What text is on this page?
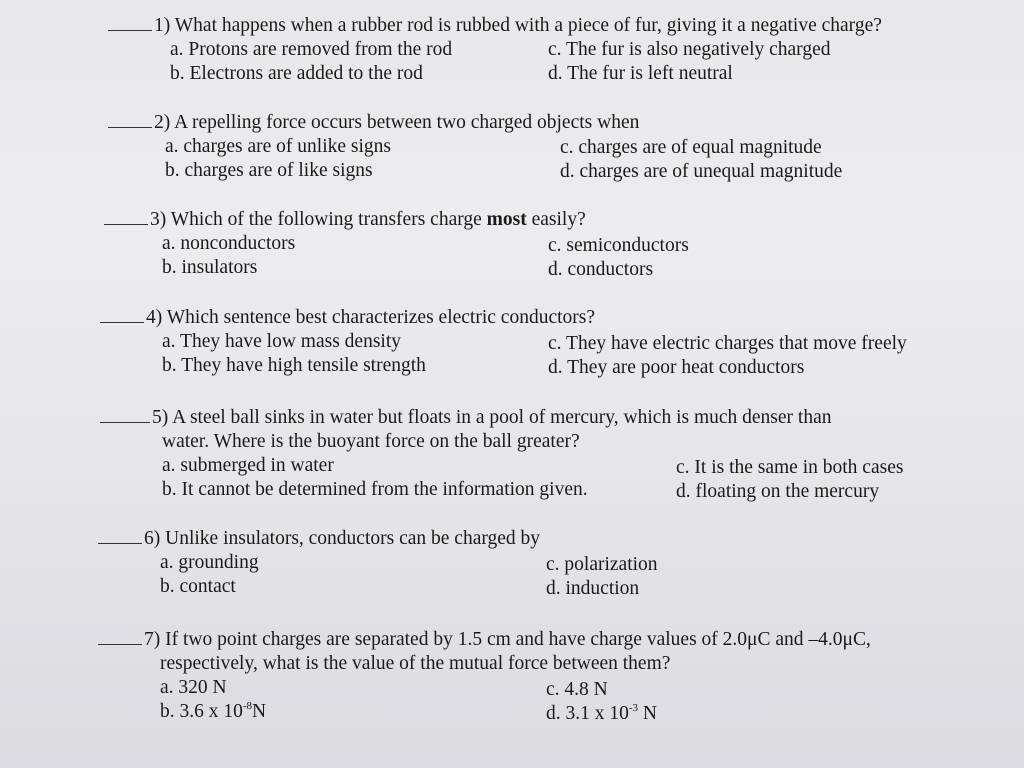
1) What happens when a rubber rod is rubbed with a piece of fur, giving it a negative charge?
a. Protons are removed from the rod
b. Electrons are added to the rod
c. The fur is also negatively charged
d. The fur is left neutral
2) A repelling force occurs between two charged objects when
a. charges are of unlike signs
b. charges are of like signs
c. charges are of equal magnitude
d. charges are of unequal magnitude
3) Which of the following transfers charge most easily?
a. nonconductors
b. insulators
c. semiconductors
d. conductors
4) Which sentence best characterizes electric conductors?
a. They have low mass density
b. They have high tensile strength
c. They have electric charges that move freely
d. They are poor heat conductors
5) A steel ball sinks in water but floats in a pool of mercury, which is much denser than
water. Where is the buoyant force on the ball greater?
a. submerged in water
b. It cannot be determined from the information given.
c. It is the same in both cases
d. floating on the mercury
6) Unlike insulators, conductors can be charged by
a. grounding
b. contact
c. polarization
d. induction
7) If two point charges are separated by 1.5 cm and have charge values of 2.0μC and –4.0μC,
respectively, what is the value of the mutual force between them?
a. 320 N
b. 3.6 x $10^{-8}N$
c. 4.8 N
d. 3.1 x $10^{-3}$ N
